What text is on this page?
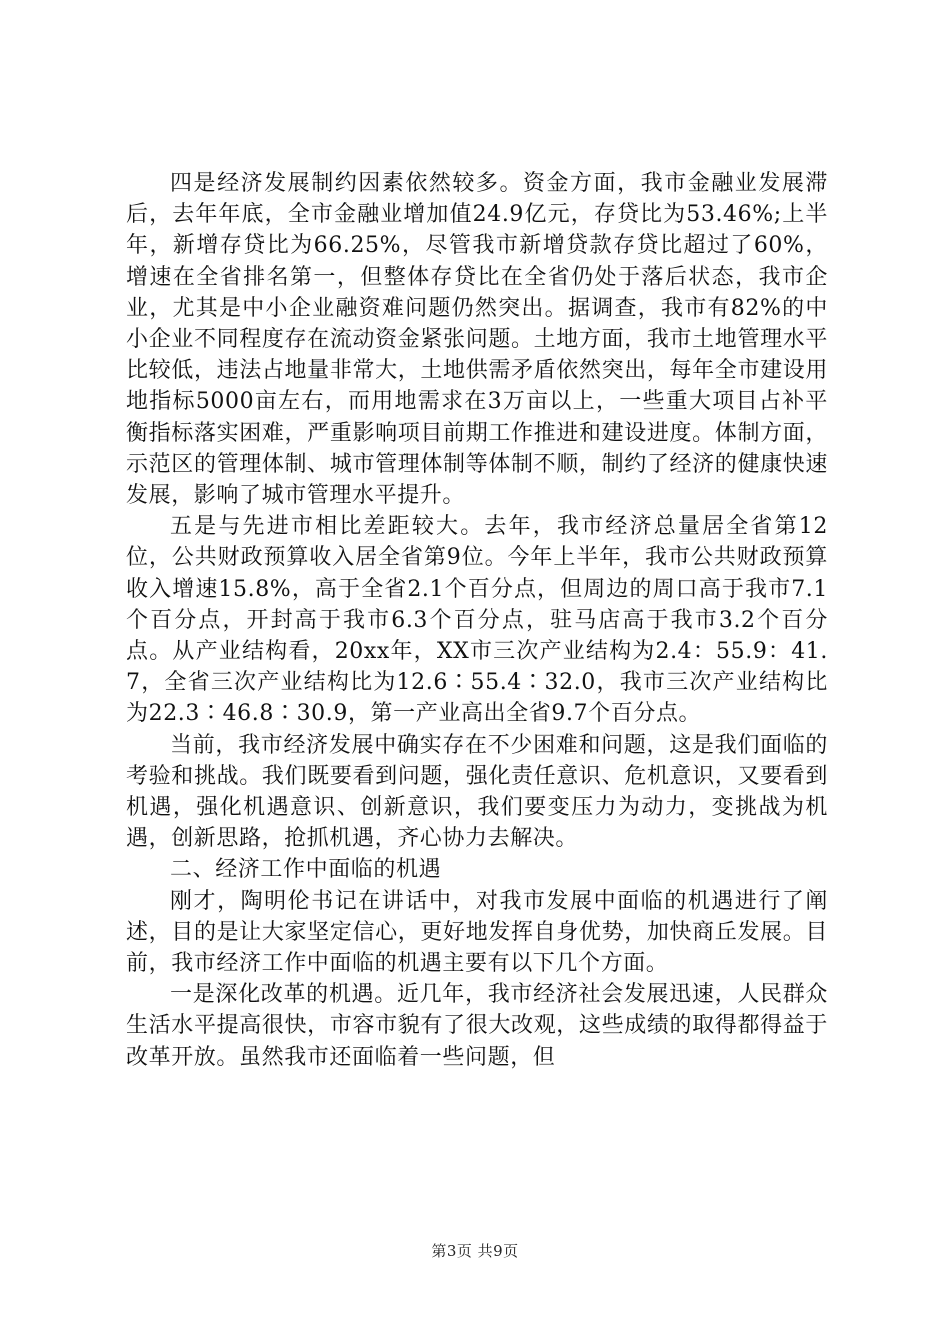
四是经济发展制约因素依然较多。资金方面，我市金融业发展滞后，去年年底，全市金融业增加值24.9亿元，存贷比为53.46%;上半年，新增存贷比为66.25%，尽管我市新增贷款存贷比超过了60%，增速在全省排名第一，但整体存贷比在全省仍处于落后状态，我市企业，尤其是中小企业融资难问题仍然突出。据调查，我市有82%的中小企业不同程度存在流动资金紧张问题。土地方面，我市土地管理水平比较低，违法占地量非常大，土地供需矛盾依然突出，每年全市建设用地指标5000亩左右，而用地需求在3万亩以上，一些重大项目占补平衡指标落实困难，严重影响项目前期工作推进和建设进度。体制方面，示范区的管理体制、城市管理体制等体制不顺，制约了经济的健康快速发展，影响了城市管理水平提升。

五是与先进市相比差距较大。去年，我市经济总量居全省第12位，公共财政预算收入居全省第9位。今年上半年，我市公共财政预算收入增速15.8%，高于全省2.1个百分点，但周边的周口高于我市7.1个百分点，开封高于我市6.3个百分点，驻马店高于我市3.2个百分点。从产业结构看，20xx年，XX市三次产业结构为2.4：55.9：41.7，全省三次产业结构比为12.6∶55.4∶32.0，我市三次产业结构比为22.3∶46.8∶30.9，第一产业高出全省9.7个百分点。

当前，我市经济发展中确实存在不少困难和问题，这是我们面临的考验和挑战。我们既要看到问题，强化责任意识、危机意识，又要看到机遇，强化机遇意识、创新意识，我们要变压力为动力，变挑战为机遇，创新思路，抢抓机遇，齐心协力去解决。

二、经济工作中面临的机遇

刚才，陶明伦书记在讲话中，对我市发展中面临的机遇进行了阐述，目的是让大家坚定信心，更好地发挥自身优势，加快商丘发展。目前，我市经济工作中面临的机遇主要有以下几个方面。

一是深化改革的机遇。近几年，我市经济社会发展迅速，人民群众生活水平提高很快，市容市貌有了很大改观，这些成绩的取得都得益于改革开放。虽然我市还面临着一些问题，但

第3页 共9页
